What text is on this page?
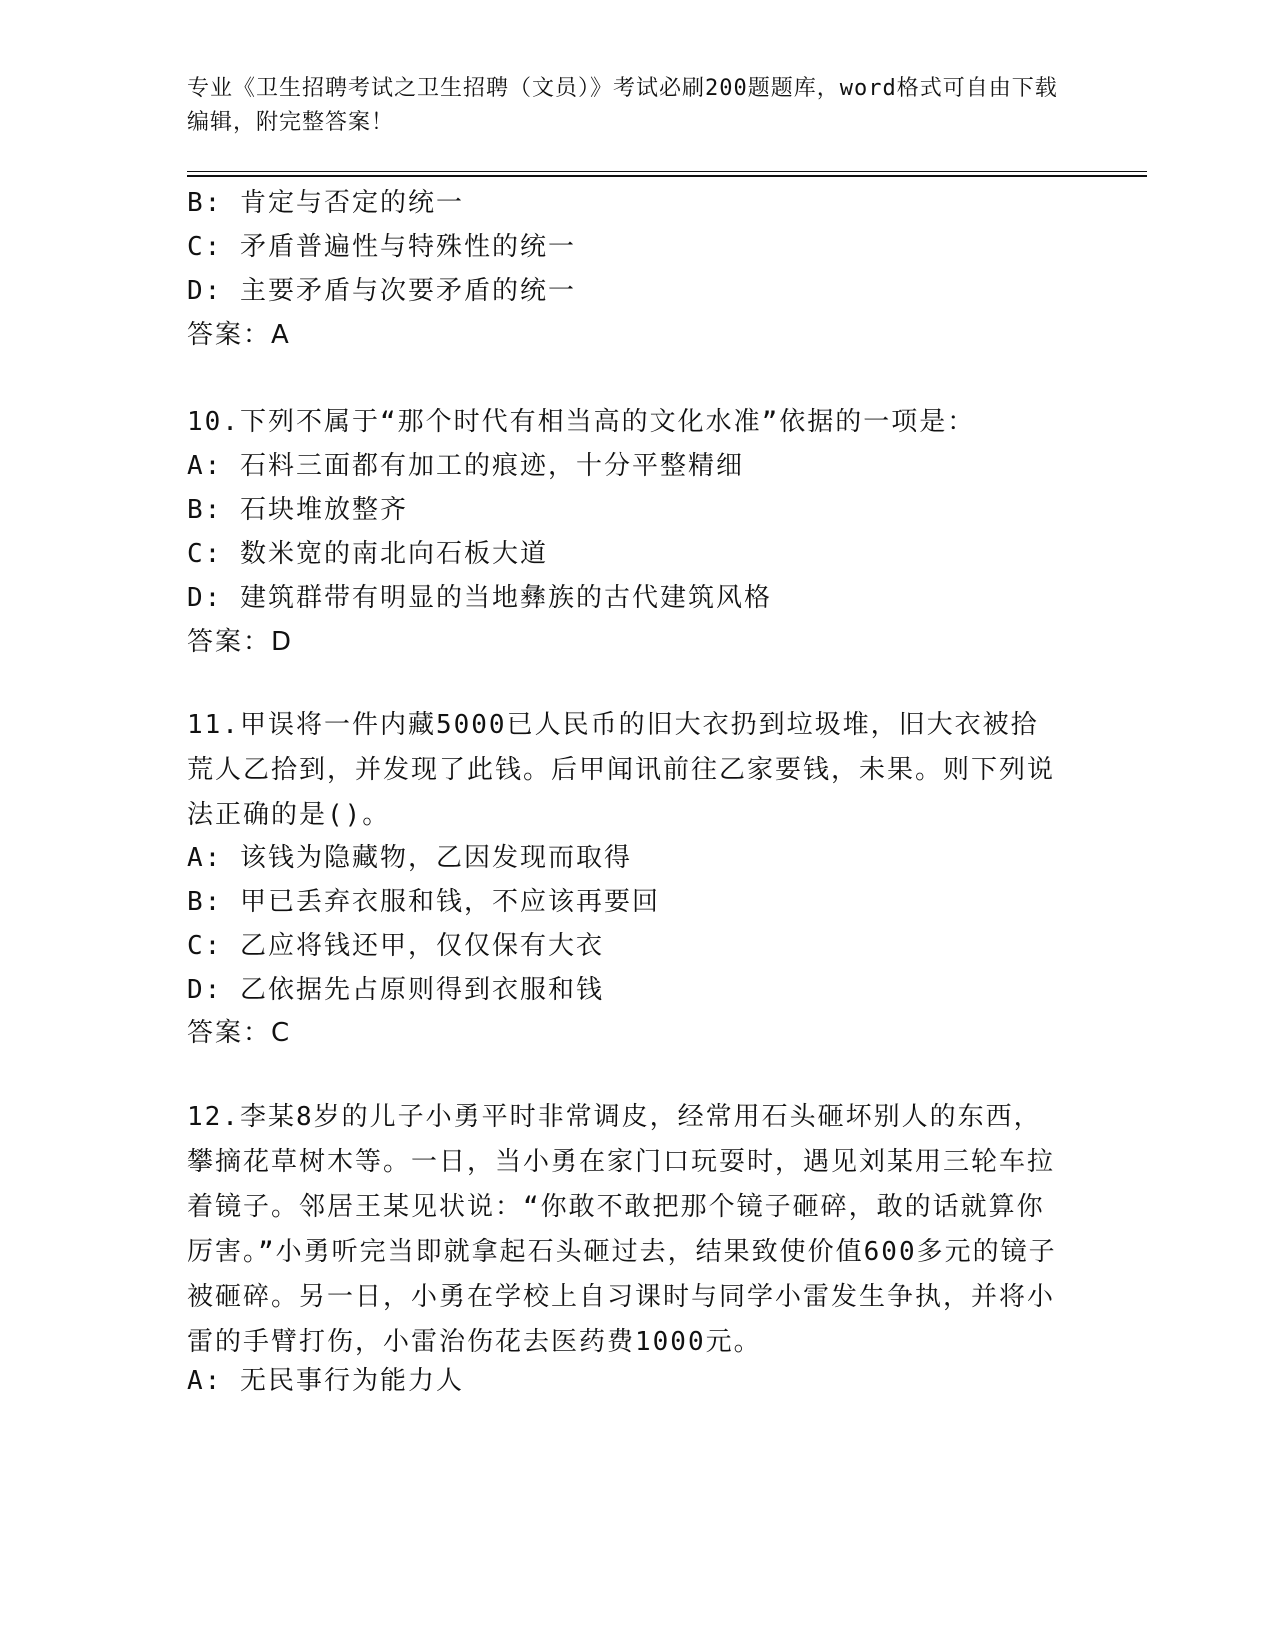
专业《卫生招聘考试之卫生招聘（文员）》考试必刷200题题库，word格式可自由下载编辑，附完整答案！
B: 肯定与否定的统一
C: 矛盾普遍性与特殊性的统一
D: 主要矛盾与次要矛盾的统一
答案：A
10.下列不属于“那个时代有相当高的文化水准”依据的一项是：
A: 石料三面都有加工的痕迹，十分平整精细
B: 石块堆放整齐
C: 数米宽的南北向石板大道
D: 建筑群带有明显的当地彝族的古代建筑风格
答案：D
11.甲误将一件内藏5000已人民币的旧大衣扔到垃圾堆，旧大衣被拾荒人乙拾到，并发现了此钱。后甲闻讯前往乙家要钱，未果。则下列说法正确的是()。
A: 该钱为隐藏物，乙因发现而取得
B: 甲已丢弃衣服和钱，不应该再要回
C: 乙应将钱还甲，仅仅保有大衣
D: 乙依据先占原则得到衣服和钱
答案：C
12.李某8岁的儿子小勇平时非常调皮，经常用石头砸坏别人的东西，攀摘花草树木等。一日，当小勇在家门口玩耍时，遇见刘某用三轮车拉着镜子。邻居王某见状说：“你敢不敢把那个镜子砸碎，敢的话就算你厉害。”小勇听完当即就拿起石头砸过去，结果致使价值600多元的镜子被砸碎。另一日，小勇在学校上自习课时与同学小雷发生争执，并将小雷的手臂打伤，小雷治伤花去医药费1000元。
A: 无民事行为能力人
